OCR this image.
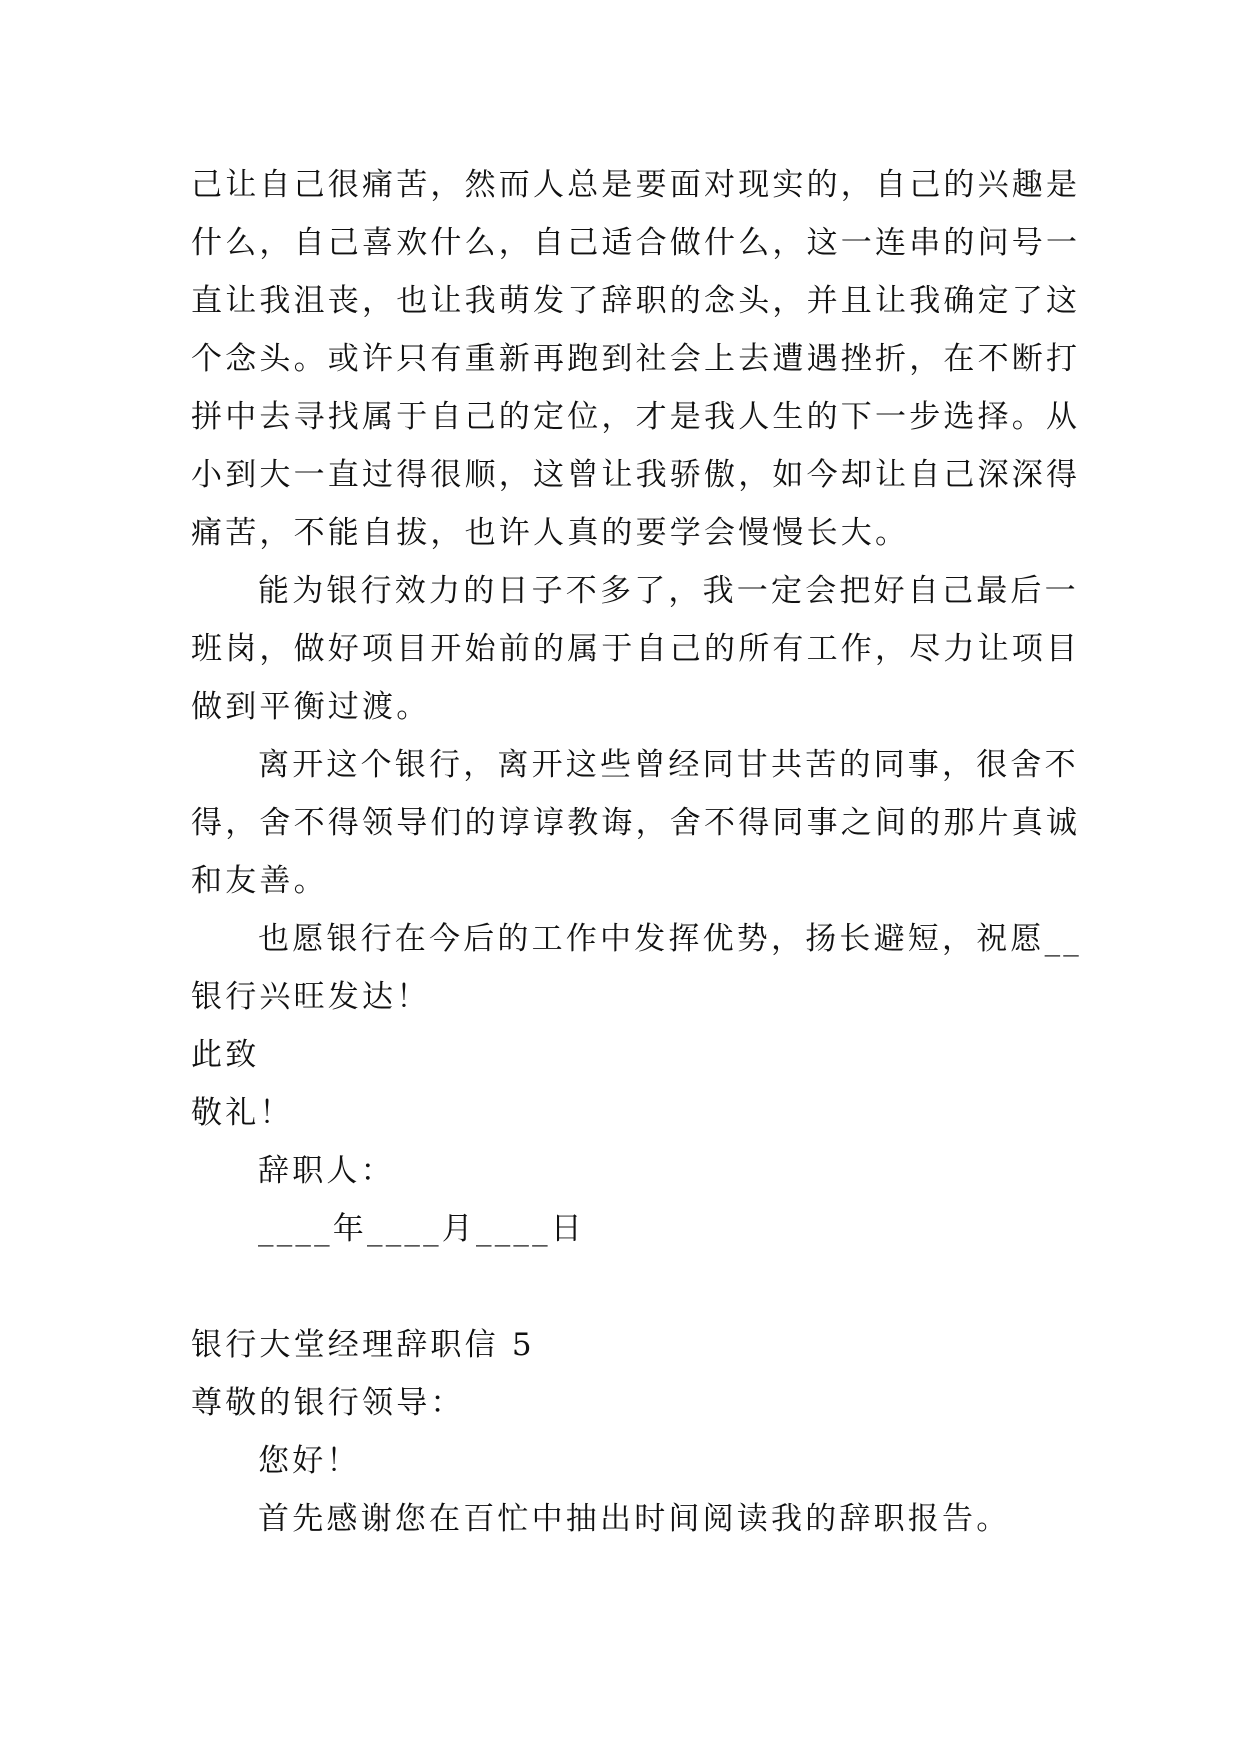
己让自己很痛苦，然而人总是要面对现实的，自己的兴趣是
什么，自己喜欢什么，自己适合做什么，这一连串的问号一
直让我沮丧，也让我萌发了辞职的念头，并且让我确定了这
个念头。或许只有重新再跑到社会上去遭遇挫折，在不断打
拼中去寻找属于自己的定位，才是我人生的下一步选择。从
小到大一直过得很顺，这曾让我骄傲，如今却让自己深深得
痛苦，不能自拔，也许人真的要学会慢慢长大。
能为银行效力的日子不多了，我一定会把好自己最后一
班岗，做好项目开始前的属于自己的所有工作，尽力让项目
做到平衡过渡。
离开这个银行，离开这些曾经同甘共苦的同事，很舍不
得，舍不得领导们的谆谆教诲，舍不得同事之间的那片真诚
和友善。
也愿银行在今后的工作中发挥优势，扬长避短，祝愿__
银行兴旺发达！
此致
敬礼！
辞职人：
____年____月____日
银行大堂经理辞职信 5
尊敬的银行领导：
您好！
首先感谢您在百忙中抽出时间阅读我的辞职报告。
